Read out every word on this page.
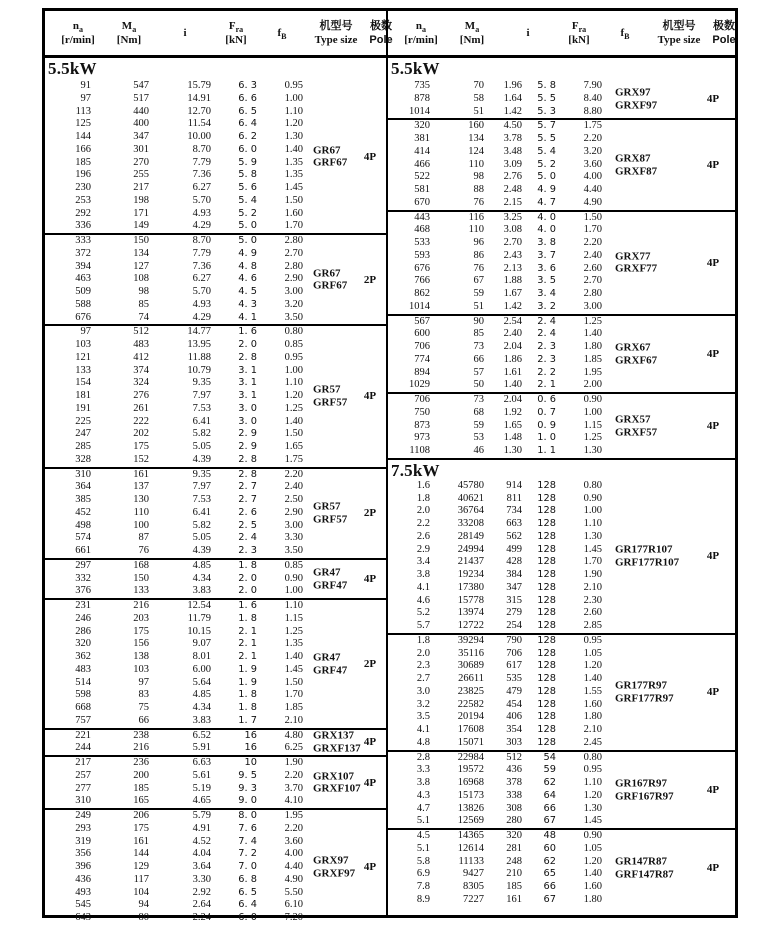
$n_a$
[r/min]
$M_a$
[Nm]
i
$F_{ra}$
[kN]
$f_B$
机型号
Type size
极数
Pole
5.5kW
91	547	15.79	6. 3	0.95
97	517	14.91	6. 6	1.00
113	440	12.70	6. 5	1.10
125	400	11.54	6. 4	1.20
144	347	10.00	6. 2	1.30
166	301	8.70	6. 0	1.40
185	270	7.79	5. 9	1.35
196	255	7.36	5. 8	1.35
230	217	6.27	5. 6	1.45
253	198	5.70	5. 4	1.50
292	171	4.93	5. 2	1.60
336	149	4.29	5. 0	1.70
GR67
GRF67	4P
333	150	8.70	5. 0	2.80
372	134	7.79	4. 9	2.70
394	127	7.36	4. 8	2.80
463	108	6.27	4. 6	2.90
509	98	5.70	4. 5	3.00
588	85	4.93	4. 3	3.20
676	74	4.29	4. 1	3.50
GR67
GRF67	2P
97	512	14.77	1. 6	0.80
103	483	13.95	2. 0	0.85
121	412	11.88	2. 8	0.95
133	374	10.79	3. 1	1.00
154	324	9.35	3. 1	1.10
181	276	7.97	3. 1	1.20
191	261	7.53	3. 0	1.25
225	222	6.41	3. 0	1.40
247	202	5.82	2. 9	1.50
285	175	5.05	2. 9	1.65
328	152	4.39	2. 8	1.75
GR57
GRF57	4P
310	161	9.35	2. 8	2.20
364	137	7.97	2. 7	2.40
385	130	7.53	2. 7	2.50
452	110	6.41	2. 6	2.90
498	100	5.82	2. 5	3.00
574	87	5.05	2. 4	3.30
661	76	4.39	2. 3	3.50
GR57
GRF57	2P
297	168	4.85	1. 8	0.85
332	150	4.34	2. 0	0.90
376	133	3.83	2. 0	1.00
GR47
GRF47	4P
231	216	12.54	1. 6	1.10
246	203	11.79	1. 8	1.15
286	175	10.15	2. 1	1.25
320	156	9.07	2. 1	1.35
362	138	8.01	2. 1	1.40
483	103	6.00	1. 9	1.45
514	97	5.64	1. 9	1.50
598	83	4.85	1. 8	1.70
668	75	4.34	1. 8	1.85
757	66	3.83	1. 7	2.10
GR47
GRF47	2P
221	238	6.52	16	4.80
244	216	5.91	16	6.25
GRX137
GRXF137 4P
217	236	6.63	10	1.90
257	200	5.61	9. 5	2.20
277	185	5.19	9. 3	3.70
310	165	4.65	9. 0	4.10
GRX107
GRXF107 4P
249	206	5.79	8. 0	1.95
293	175	4.91	7. 6	2.20
319	161	4.52	7. 4	3.60
356	144	4.04	7. 2	4.00
396	129	3.64	7. 0	4.40
436	117	3.30	6. 8	4.90
493	104	2.92	6. 5	5.50
545	94	2.64	6. 4	6.10
643	80	2.24	6. 0	7.20
GRX97
GRXF97 4P
$n_a$
[r/min]
$M_a$
[Nm]
i
$F_{ra}$
[kN]
$f_B$
机型号
Type size
极数
Pole
5.5kW
735	70	1.96	5. 8	7.90
878	58	1.64	5. 5	8.40
1014	51	1.42	5. 3	8.80
GRX97
GRXF97	4P
320	160	4.50	5. 7	1.75
381	134	3.78	5. 5	2.20
414	124	3.48	5. 4	3.20
466	110	3.09	5. 2	3.60
522	98	2.76	5. 0	4.00
581	88	2.48	4. 9	4.40
670	76	2.15	4. 7	4.90
GRX87
GRXF87	4P
443	116	3.25	4. 0	1.50
468	110	3.08	4. 0	1.70
533	96	2.70	3. 8	2.20
593	86	2.43	3. 7	2.40
676	76	2.13	3. 6	2.60
766	67	1.88	3. 5	2.70
862	59	1.67	3. 4	2.80
1014	51	1.42	3. 2	3.00
GRX77
GRXF77	4P
567	90	2.54	2. 4	1.25
600	85	2.40	2. 4	1.40
706	73	2.04	2. 3	1.80
774	66	1.86	2. 3	1.85
894	57	1.61	2. 2	1.95
1029	50	1.40	2. 1	2.00
GRX67
GRXF67	4P
706	73	2.04	0. 6	0.90
750	68	1.92	0. 7	1.00
873	59	1.65	0. 9	1.15
973	53	1.48	1. 0	1.25
1108	46	1.30	1. 1	1.30
GRX57
GRXF57	4P
7.5kW
1.6	45780	914	128	0.80
1.8	40621	811	128	0.90
2.0	36764	734	128	1.00
2.2	33208	663	128	1.10
2.6	28149	562	128	1.30
2.9	24994	499	128	1.45
3.4	21437	428	128	1.70
3.8	19234	384	128	1.90
4.1	17380	347	128	2.10
4.6	15778	315	128	2.30
5.2	13974	279	128	2.60
5.7	12722	254	128	2.85
GR177R107
GRF177R107	4P
1.8	39294	790	128	0.95
2.0	35116	706	128	1.05
2.3	30689	617	128	1.20
2.7	26611	535	128	1.40
3.0	23825	479	128	1.55
3.2	22582	454	128	1.60
3.5	20194	406	128	1.80
4.1	17608	354	128	2.10
4.8	15071	303	128	2.45
GR177R97
GRF177R97	4P
2.8	22984	512	54	0.80
3.3	19572	436	59	0.95
3.8	16968	378	62	1.10
4.3	15173	338	64	1.20
4.7	13826	308	66	1.30
5.1	12569	280	67	1.45
GR167R97
GRF167R97	4P
4.5	14365	320	48	0.90
5.1	12614	281	60	1.05
5.8	11133	248	62	1.20
6.9	9427	210	65	1.40
7.8	8305	185	66	1.60
8.9	7227	161	67	1.80
GR147R87
GRF147R87	4P
